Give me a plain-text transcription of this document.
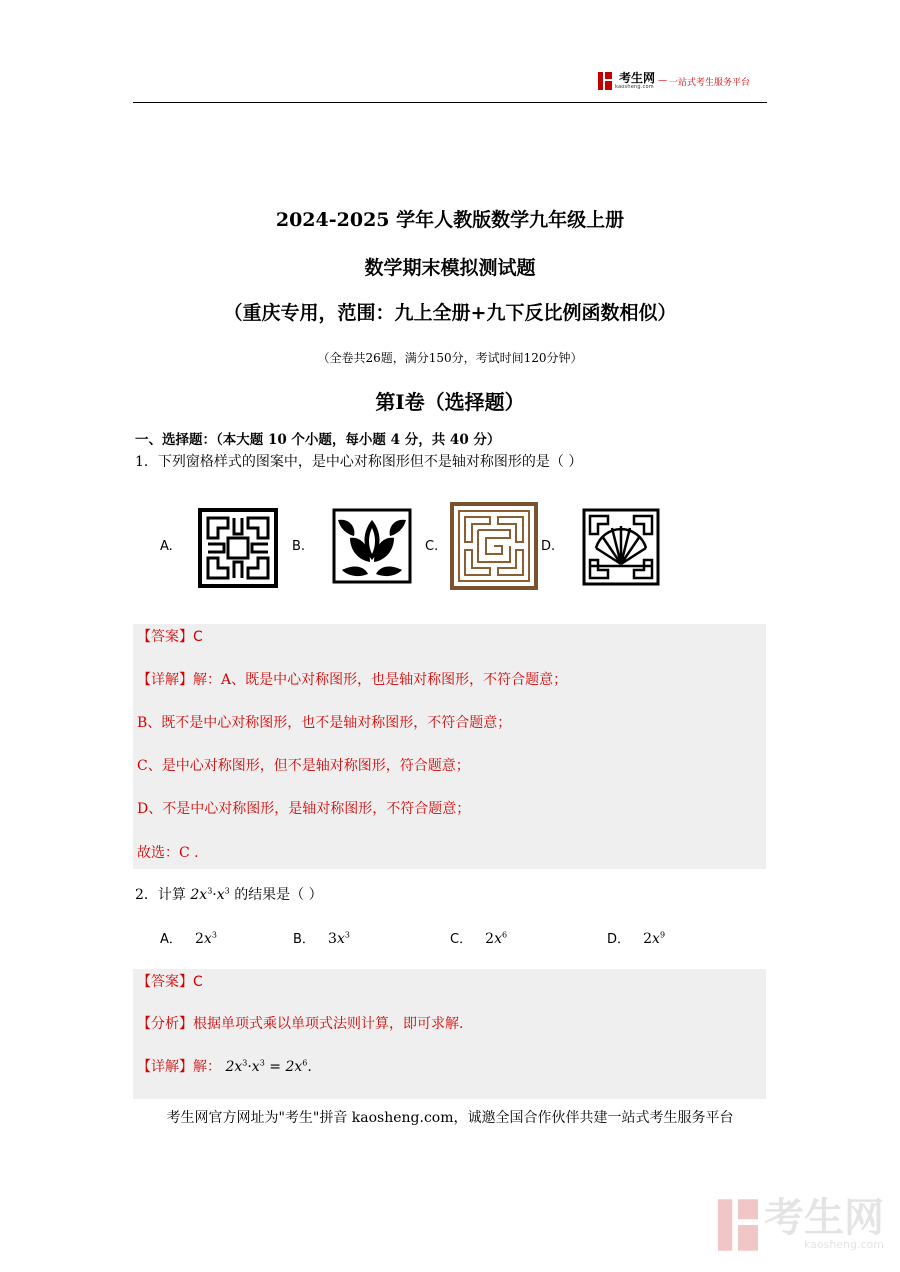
考生网
kaosheng.com
— 一站式考生服务平台
2024-2025 学年人教版数学九年级上册
数学期末模拟测试题
（重庆专用，范围：九上全册+九下反比例函数相似）
（全卷共26题，满分150分，考试时间120分钟）
第I卷（选择题）
一、选择题：（本大题 10 个小题，每小题 4 分，共 40 分）
1．下列窗格样式的图案中，是中心对称图形但不是轴对称图形的是（ ）
A.	B.	C.	D.
【答案】C
【详解】解：A、既是中心对称图形，也是轴对称图形，不符合题意；
B、既不是中心对称图形，也不是轴对称图形，不符合题意；
C、是中心对称图形，但不是轴对称图形，符合题意；
D、不是中心对称图形，是轴对称图形，不符合题意；
故选：C .
2．计算 $2x^3\cdot x^3$ 的结果是（ ）
A． $2x^3$	B． $3x^3$	C． $2x^6$	D． $2x^9$
【答案】C
【分析】根据单项式乘以单项式法则计算，即可求解.
【详解】解： $2x^3\cdot x^3 = 2x^6$.
考生网官方网址为"考生"拼音 kaosheng.com，诚邀全国合作伙伴共建一站式考生服务平台
考生网
kaosheng.com
